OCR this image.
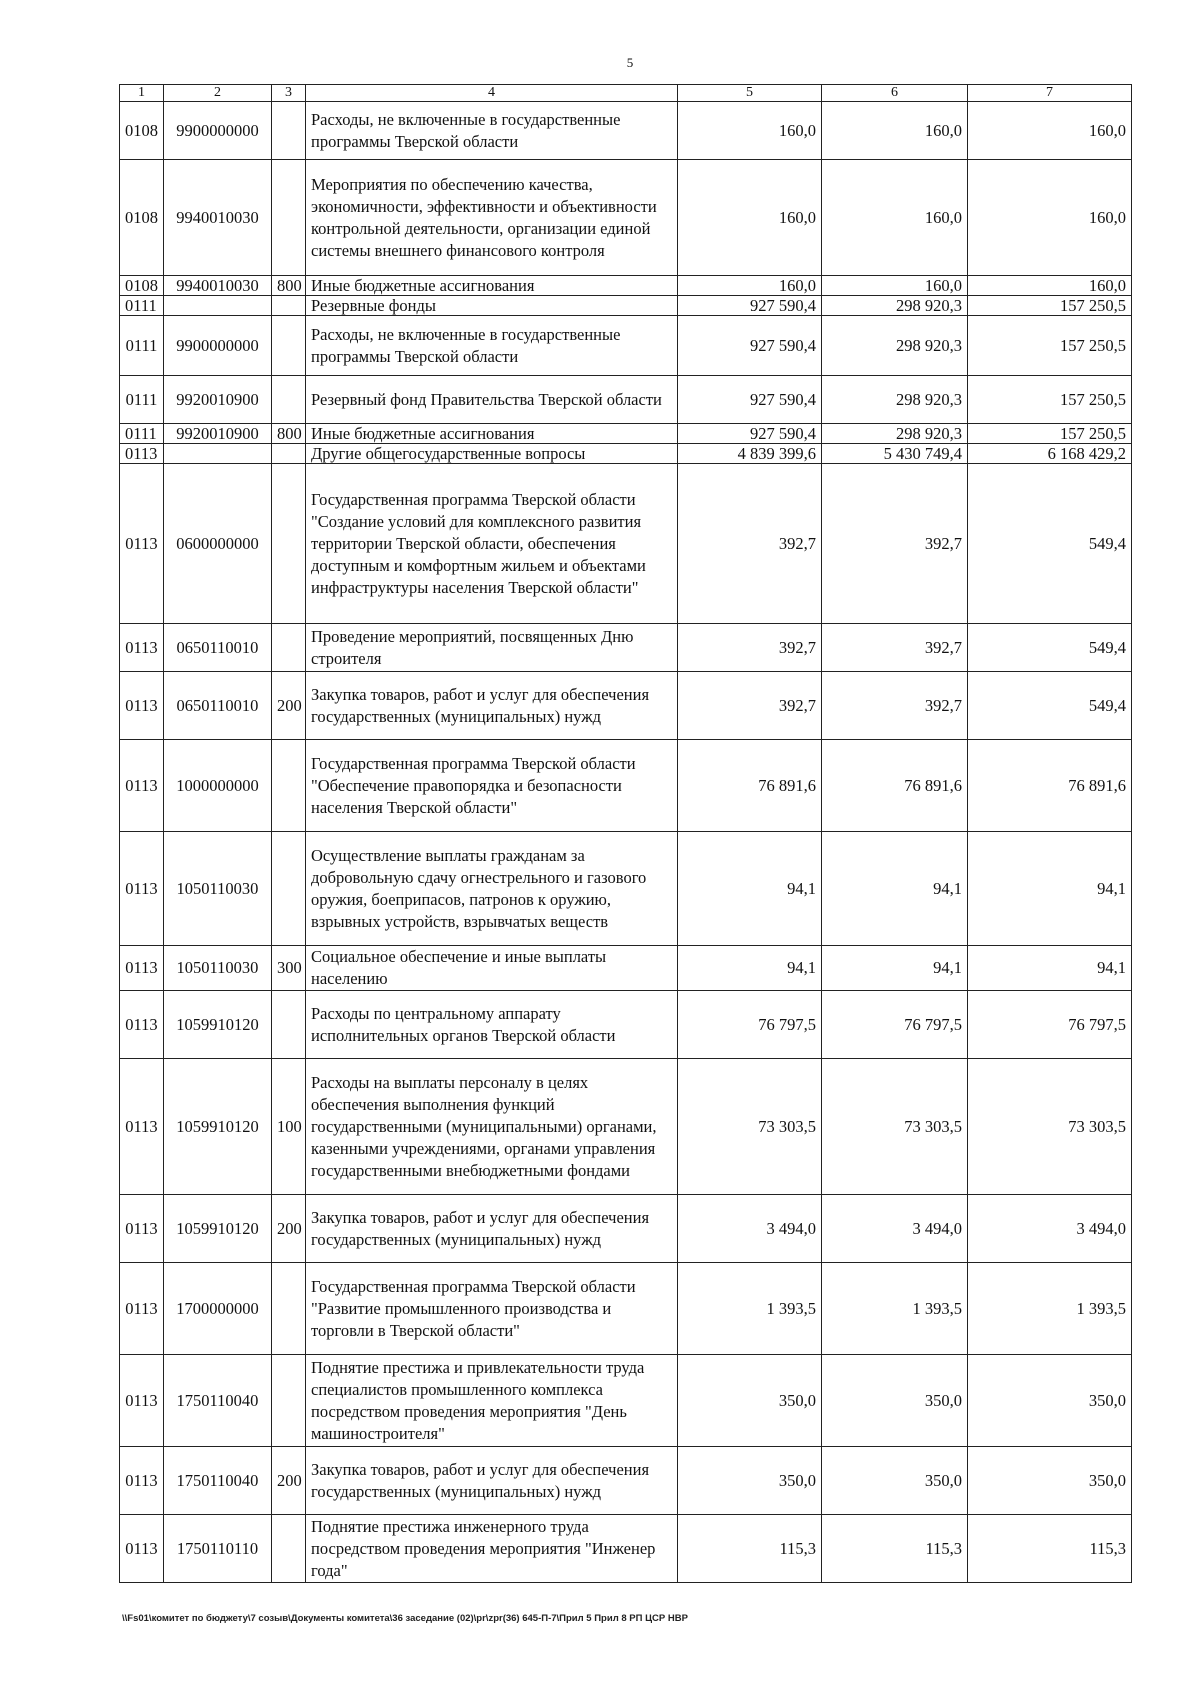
5
1	2	3	4	5	6	7
0108	9900000000		Расходы, не включенные в государственные программы Тверской области	160,0	160,0	160,0
0108	9940010030		Мероприятия по обеспечению качества, экономичности, эффективности и объективности контрольной деятельности, организации единой системы внешнего финансового контроля	160,0	160,0	160,0
0108	9940010030	800	Иные бюджетные ассигнования	160,0	160,0	160,0
0111			Резервные фонды	927 590,4	298 920,3	157 250,5
0111	9900000000		Расходы, не включенные в государственные программы Тверской области	927 590,4	298 920,3	157 250,5
0111	9920010900		Резервный фонд Правительства Тверской области	927 590,4	298 920,3	157 250,5
0111	9920010900	800	Иные бюджетные ассигнования	927 590,4	298 920,3	157 250,5
0113			Другие общегосударственные вопросы	4 839 399,6	5 430 749,4	6 168 429,2
0113	0600000000		Государственная программа Тверской области "Создание условий для комплексного развития территории Тверской области, обеспечения доступным и комфортным жильем и объектами инфраструктуры населения Тверской области"	392,7	392,7	549,4
0113	0650110010		Проведение мероприятий, посвященных Дню строителя	392,7	392,7	549,4
0113	0650110010	200	Закупка товаров, работ и услуг для обеспечения государственных (муниципальных) нужд	392,7	392,7	549,4
0113	1000000000		Государственная программа Тверской области "Обеспечение правопорядка и безопасности населения Тверской области"	76 891,6	76 891,6	76 891,6
0113	1050110030		Осуществление выплаты гражданам за добровольную сдачу огнестрельного и газового оружия, боеприпасов, патронов к оружию, взрывных устройств, взрывчатых веществ	94,1	94,1	94,1
0113	1050110030	300	Социальное обеспечение и иные выплаты населению	94,1	94,1	94,1
0113	1059910120		Расходы по центральному аппарату исполнительных органов Тверской области	76 797,5	76 797,5	76 797,5
0113	1059910120	100	Расходы на выплаты персоналу в целях обеспечения выполнения функций государственными (муниципальными) органами, казенными учреждениями, органами управления государственными внебюджетными фондами	73 303,5	73 303,5	73 303,5
0113	1059910120	200	Закупка товаров, работ и услуг для обеспечения государственных (муниципальных) нужд	3 494,0	3 494,0	3 494,0
0113	1700000000		Государственная программа Тверской области "Развитие промышленного производства и торговли в Тверской области"	1 393,5	1 393,5	1 393,5
0113	1750110040		Поднятие престижа и привлекательности труда специалистов промышленного комплекса посредством проведения мероприятия "День машиностроителя"	350,0	350,0	350,0
0113	1750110040	200	Закупка товаров, работ и услуг для обеспечения государственных (муниципальных) нужд	350,0	350,0	350,0
0113	1750110110		Поднятие престижа инженерного труда посредством проведения мероприятия "Инженер года"	115,3	115,3	115,3
\\Fs01\комитет по бюджету\7 созыв\Документы комитета\36 заседание (02)\pr\zpr(36) 645-П-7\Прил 5 Прил 8 РП ЦСР НВР
